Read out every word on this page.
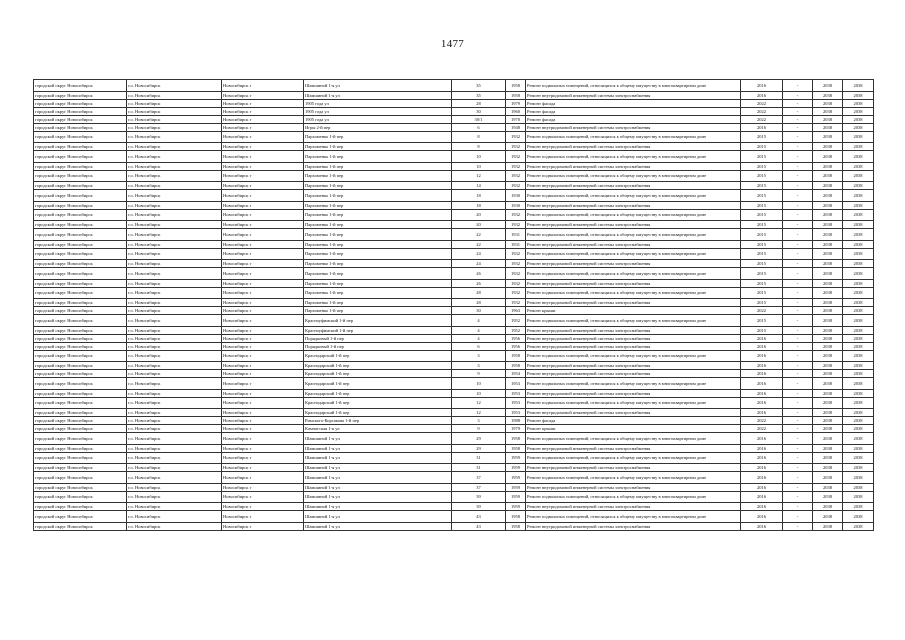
1477
городской округ Новосибирск	г.о. Новосибирск	Новосибирск г	Шамшиной 1-я ул	35	1958	Ремонт подвальных помещений, относящихся к общему имуществу в многоквартирном доме	2016	-	2038	2038
городской округ Новосибирск	г.о. Новосибирск	Новосибирск г	Шамшиной 1-я ул	35	1958	Ремонт внутридомовой инженерной системы электроснабжения	2016	-	2038	2038
городской округ Новосибирск	г.о. Новосибирск	Новосибирск г	1905 года ул	28	1979	Ремонт фасада	2022	-	2038	2038
городской округ Новосибирск	г.о. Новосибирск	Новосибирск г	1905 года ул	30	1960	Ремонт фасада	2022	-	2038	2038
городской округ Новосибирск	г.о. Новосибирск	Новосибирск г	1905 года ул	30/1	1970	Ремонт фасада	2022	-	2038	2038
городской округ Новосибирск	г.о. Новосибирск	Новосибирск г	Игры 2-й пер	6	1948	Ремонт внутридомовой инженерной системы электроснабжения	2016	-	2038	2038
городской округ Новосибирск	г.о. Новосибирск	Новосибирск г	Пархоменко 1-й пер	8	1932	Ремонт подвальных помещений, относящихся к общему имуществу в многоквартирном доме	2015	-	2038	2038
городской округ Новосибирск	г.о. Новосибирск	Новосибирск г	Пархоменко 1-й пер	8	1932	Ремонт внутридомовой инженерной системы электроснабжения	2015	-	2038	2038
городской округ Новосибирск	г.о. Новосибирск	Новосибирск г	Пархоменко 1-й пер	10	1932	Ремонт подвальных помещений, относящихся к общему имуществу в многоквартирном доме	2015	-	2038	2038
городской округ Новосибирск	г.о. Новосибирск	Новосибирск г	Пархоменко 1-й пер	10	1932	Ремонт внутридомовой инженерной системы электроснабжения	2015	-	2038	2038
городской округ Новосибирск	г.о. Новосибирск	Новосибирск г	Пархоменко 1-й пер	12	1932	Ремонт подвальных помещений, относящихся к общему имуществу в многоквартирном доме	2015	-	2038	2038
городской округ Новосибирск	г.о. Новосибирск	Новосибирск г	Пархоменко 1-й пер	14	1932	Ремонт внутридомовой инженерной системы электроснабжения	2015	-	2038	2038
городской округ Новосибирск	г.о. Новосибирск	Новосибирск г	Пархоменко 1-й пер	18	1930	Ремонт подвальных помещений, относящихся к общему имуществу в многоквартирном доме	2015	-	2038	2038
городской округ Новосибирск	г.о. Новосибирск	Новосибирск г	Пархоменко 1-й пер	18	1930	Ремонт внутридомовой инженерной системы электроснабжения	2015	-	2038	2038
городской округ Новосибирск	г.о. Новосибирск	Новосибирск г	Пархоменко 1-й пер	20	1932	Ремонт подвальных помещений, относящихся к общему имуществу в многоквартирном доме	2015	-	2038	2038
городской округ Новосибирск	г.о. Новосибирск	Новосибирск г	Пархоменко 1-й пер	20	1932	Ремонт внутридомовой инженерной системы электроснабжения	2015	-	2038	2038
городской округ Новосибирск	г.о. Новосибирск	Новосибирск г	Пархоменко 1-й пер	22	1931	Ремонт подвальных помещений, относящихся к общему имуществу в многоквартирном доме	2015	-	2038	2038
городской округ Новосибирск	г.о. Новосибирск	Новосибирск г	Пархоменко 1-й пер	22	1931	Ремонт внутридомовой инженерной системы электроснабжения	2015	-	2038	2038
городской округ Новосибирск	г.о. Новосибирск	Новосибирск г	Пархоменко 1-й пер	24	1932	Ремонт подвальных помещений, относящихся к общему имуществу в многоквартирном доме	2015	-	2038	2038
городской округ Новосибирск	г.о. Новосибирск	Новосибирск г	Пархоменко 1-й пер	24	1932	Ремонт внутридомовой инженерной системы электроснабжения	2015	-	2038	2038
городской округ Новосибирск	г.о. Новосибирск	Новосибирск г	Пархоменко 1-й пер	26	1932	Ремонт подвальных помещений, относящихся к общему имуществу в многоквартирном доме	2015	-	2038	2038
городской округ Новосибирск	г.о. Новосибирск	Новосибирск г	Пархоменко 1-й пер	26	1932	Ремонт внутридомовой инженерной системы электроснабжения	2015	-	2038	2038
городской округ Новосибирск	г.о. Новосибирск	Новосибирск г	Пархоменко 1-й пер	28	1932	Ремонт подвальных помещений, относящихся к общему имуществу в многоквартирном доме	2015	-	2038	2038
городской округ Новосибирск	г.о. Новосибирск	Новосибирск г	Пархоменко 1-й пер	28	1932	Ремонт внутридомовой инженерной системы электроснабжения	2015	-	2038	2038
городской округ Новосибирск	г.о. Новосибирск	Новосибирск г	Пархоменко 1-й пер	30	1963	Ремонт крыши	2022	-	2038	2038
городской округ Новосибирск	г.о. Новосибирск	Новосибирск г	Красноуфимский 1-й пер	4	1952	Ремонт подвальных помещений, относящихся к общему имуществу в многоквартирном доме	2015	-	2038	2038
городской округ Новосибирск	г.о. Новосибирск	Новосибирск г	Красноуфимский 1-й пер	4	1952	Ремонт внутридомовой инженерной системы электроснабжения	2015	-	2038	2038
городской округ Новосибирск	г.о. Новосибирск	Новосибирск г	Порядковый 1-й пер	4	1956	Ремонт внутридомовой инженерной системы электроснабжения	2016	-	2038	2038
городской округ Новосибирск	г.о. Новосибирск	Новосибирск г	Порядковый 1-й пер	6	1956	Ремонт внутридомовой инженерной системы электроснабжения	2016	-	2038	2038
городской округ Новосибирск	г.о. Новосибирск	Новосибирск г	Краснодарский 1-й пер	3	1958	Ремонт подвальных помещений, относящихся к общему имуществу в многоквартирном доме	2016	-	2038	2038
городской округ Новосибирск	г.о. Новосибирск	Новосибирск г	Краснодарский 1-й пер	3	1958	Ремонт внутридомовой инженерной системы электроснабжения	2016	-	2038	2038
городской округ Новосибирск	г.о. Новосибирск	Новосибирск г	Краснодарский 1-й пер	9	1954	Ремонт внутридомовой инженерной системы электроснабжения	2016	-	2038	2038
городской округ Новосибирск	г.о. Новосибирск	Новосибирск г	Краснодарский 1-й пер	10	1953	Ремонт подвальных помещений, относящихся к общему имуществу в многоквартирном доме	2016	-	2038	2038
городской округ Новосибирск	г.о. Новосибирск	Новосибирск г	Краснодарский 1-й пер	10	1953	Ремонт внутридомовой инженерной системы электроснабжения	2016	-	2038	2038
городской округ Новосибирск	г.о. Новосибирск	Новосибирск г	Краснодарский 1-й пер	12	1953	Ремонт подвальных помещений, относящихся к общему имуществу в многоквартирном доме	2016	-	2038	2038
городской округ Новосибирск	г.о. Новосибирск	Новосибирск г	Краснодарский 1-й пер	12	1953	Ремонт внутридомовой инженерной системы электроснабжения	2016	-	2038	2038
городской округ Новосибирск	г.о. Новосибирск	Новосибирск г	Римского-Корсакова 1-й пер	3	1988	Ремонт фасада	2022	-	2038	2038
городской округ Новосибирск	г.о. Новосибирск	Новосибирск г	Камчатская 1-я ул	9	1979	Ремонт крыши	2022	-	2038	2038
городской округ Новосибирск	г.о. Новосибирск	Новосибирск г	Шамшиной 1-я ул	29	1958	Ремонт подвальных помещений, относящихся к общему имуществу в многоквартирном доме	2016	-	2038	2038
городской округ Новосибирск	г.о. Новосибирск	Новосибирск г	Шамшиной 1-я ул	29	1958	Ремонт внутридомовой инженерной системы электроснабжения	2016	-	2038	2038
городской округ Новосибирск	г.о. Новосибирск	Новосибирск г	Шамшиной 1-я ул	31	1959	Ремонт подвальных помещений, относящихся к общему имуществу в многоквартирном доме	2016	-	2038	2038
городской округ Новосибирск	г.о. Новосибирск	Новосибирск г	Шамшиной 1-я ул	31	1959	Ремонт внутридомовой инженерной системы электроснабжения	2016	-	2038	2038
городской округ Новосибирск	г.о. Новосибирск	Новосибирск г	Шамшиной 1-я ул	37	1959	Ремонт подвальных помещений, относящихся к общему имуществу в многоквартирном доме	2016	-	2038	2038
городской округ Новосибирск	г.о. Новосибирск	Новосибирск г	Шамшиной 1-я ул	37	1959	Ремонт внутридомовой инженерной системы электроснабжения	2016	-	2038	2038
городской округ Новосибирск	г.о. Новосибирск	Новосибирск г	Шамшиной 1-я ул	39	1959	Ремонт подвальных помещений, относящихся к общему имуществу в многоквартирном доме	2016	-	2038	2038
городской округ Новосибирск	г.о. Новосибирск	Новосибирск г	Шамшиной 1-я ул	39	1959	Ремонт внутридомовой инженерной системы электроснабжения	2016	-	2038	2038
городской округ Новосибирск	г.о. Новосибирск	Новосибирск г	Шамшиной 1-я ул	43	1958	Ремонт подвальных помещений, относящихся к общему имуществу в многоквартирном доме	2016	-	2038	2038
городской округ Новосибирск	г.о. Новосибирск	Новосибирск г	Шамшиной 1-я ул	43	1958	Ремонт внутридомовой инженерной системы электроснабжения	2016	-	2038	2038
